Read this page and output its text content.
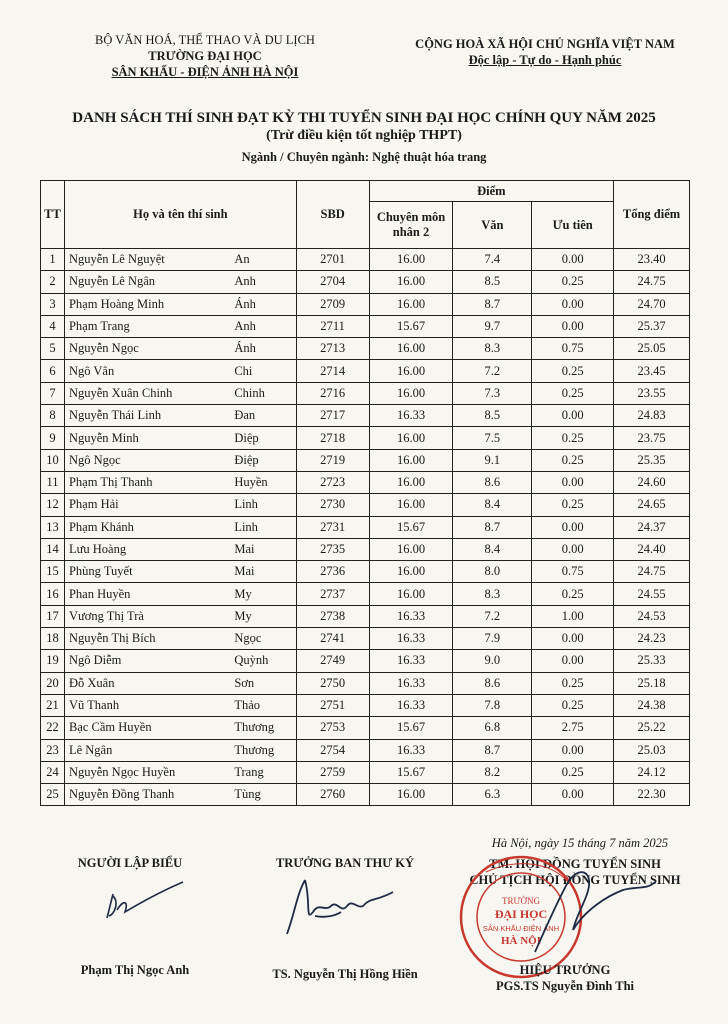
BỘ VĂN HOÁ, THỂ THAO VÀ DU LỊCH
TRƯỜNG ĐẠI HỌC
SÂN KHẤU - ĐIỆN ẢNH HÀ NỘI
CỘNG HOÀ XÃ HỘI CHỦ NGHĨA VIỆT NAM
Độc lập - Tự do - Hạnh phúc
DANH SÁCH THÍ SINH ĐẠT KỲ THI TUYỂN SINH ĐẠI HỌC CHÍNH QUY NĂM 2025
(Trừ điều kiện tốt nghiệp THPT)
Ngành / Chuyên ngành: Nghệ thuật hóa trang
TT	Họ và tên thí sinh		SBD	Điểm			Tổng điểm
				Chuyên môn nhân 2	Văn	Ưu tiên	
1	Nguyễn Lê Nguyệt	An	2701	16.00	7.4	0.00	23.40
2	Nguyễn Lê Ngân	Anh	2704	16.00	8.5	0.25	24.75
3	Phạm Hoàng Minh	Ánh	2709	16.00	8.7	0.00	24.70
4	Phạm Trang	Anh	2711	15.67	9.7	0.00	25.37
5	Nguyễn Ngọc	Ánh	2713	16.00	8.3	0.75	25.05
6	Ngô Vân	Chi	2714	16.00	7.2	0.25	23.45
7	Nguyễn Xuân Chinh	Chinh	2716	16.00	7.3	0.25	23.55
8	Nguyễn Thái Linh	Đan	2717	16.33	8.5	0.00	24.83
9	Nguyễn Minh	Diệp	2718	16.00	7.5	0.25	23.75
10	Ngô Ngọc	Điệp	2719	16.00	9.1	0.25	25.35
11	Phạm Thị Thanh	Huyền	2723	16.00	8.6	0.00	24.60
12	Phạm Hải	Linh	2730	16.00	8.4	0.25	24.65
13	Phạm Khánh	Linh	2731	15.67	8.7	0.00	24.37
14	Lưu Hoàng	Mai	2735	16.00	8.4	0.00	24.40
15	Phùng Tuyết	Mai	2736	16.00	8.0	0.75	24.75
16	Phan Huyền	My	2737	16.00	8.3	0.25	24.55
17	Vương Thị Trà	My	2738	16.33	7.2	1.00	24.53
18	Nguyễn Thị Bích	Ngọc	2741	16.33	7.9	0.00	24.23
19	Ngô Diễm	Quỳnh	2749	16.33	9.0	0.00	25.33
20	Đỗ Xuân	Sơn	2750	16.33	8.6	0.25	25.18
21	Vũ Thanh	Thảo	2751	16.33	7.8	0.25	24.38
22	Bạc Cầm Huyền	Thương	2753	15.67	6.8	2.75	25.22
23	Lê Ngân	Thương	2754	16.33	8.7	0.00	25.03
24	Nguyễn Ngọc Huyền	Trang	2759	15.67	8.2	0.25	24.12
25	Nguyễn Đồng Thanh	Tùng	2760	16.00	6.3	0.00	22.30
Hà Nội, ngày 15 tháng 7 năm 2025
NGƯỜI LẬP BIỂU	TRƯỞNG BAN THƯ KÝ	TM. HỘI ĐỒNG TUYỂN SINH
CHỦ TỊCH HỘI ĐỒNG TUYỂN SINH
TRƯỜNG
ĐẠI HỌC
SÂN KHẤU ĐIỆN ẢNH
HÀ NỘI
Phạm Thị Ngọc Anh	TS. Nguyễn Thị Hồng Hiền	HIỆU TRƯỞNG
PGS.TS Nguyễn Đình Thi
